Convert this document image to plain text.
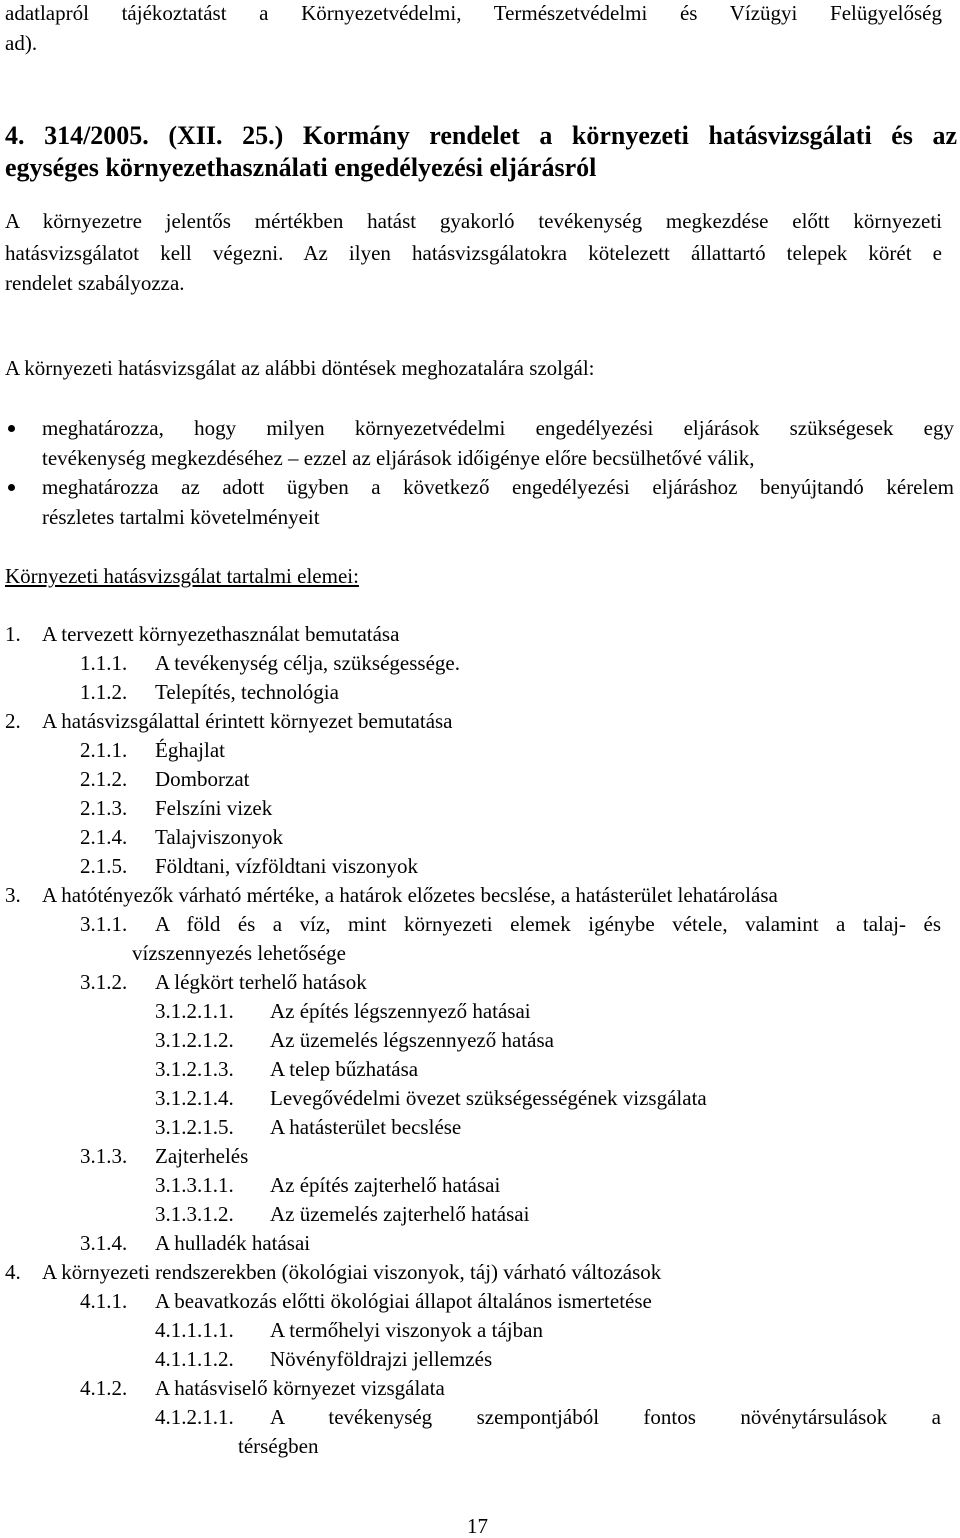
adatlapról tájékoztatást a Környezetvédelmi, Természetvédelmi és Vízügyi Felügyelőség
ad).
4. 314/2005. (XII. 25.) Kormány rendelet a környezeti hatásvizsgálati és az
egységes környezethasználati engedélyezési eljárásról
A környezetre jelentős mértékben hatást gyakorló tevékenység megkezdése előtt környezeti
hatásvizsgálatot kell végezni. Az ilyen hatásvizsgálatokra kötelezett állattartó telepek körét e
rendelet szabályozza.
A környezeti hatásvizsgálat az alábbi döntések meghozatalára szolgál:
meghatározza, hogy milyen környezetvédelmi engedélyezési eljárások szükségesek egy
tevékenység megkezdéséhez – ezzel az eljárások időigénye előre becsülhetővé válik,
meghatározza az adott ügyben a következő engedélyezési eljáráshoz benyújtandó kérelem
részletes tartalmi követelményeit
Környezeti hatásvizsgálat tartalmi elemei:
1. A tervezett környezethasználat bemutatása
1.1.1. A tevékenység célja, szükségessége.
1.1.2. Telepítés, technológia
2. A hatásvizsgálattal érintett környezet bemutatása
2.1.1. Éghajlat
2.1.2. Domborzat
2.1.3. Felszíni vizek
2.1.4. Talajviszonyok
2.1.5. Földtani, vízföldtani viszonyok
3. A hatótényezők várható mértéke, a határok előzetes becslése, a hatásterület lehatárolása
3.1.1. A föld és a víz, mint környezeti elemek igénybe vétele, valamint a talaj- és
vízszennyezés lehetősége
3.1.2. A légkört terhelő hatások
3.1.2.1.1. Az építés légszennyező hatásai
3.1.2.1.2. Az üzemelés légszennyező hatása
3.1.2.1.3. A telep bűzhatása
3.1.2.1.4. Levegővédelmi övezet szükségességének vizsgálata
3.1.2.1.5. A hatásterület becslése
3.1.3. Zajterhelés
3.1.3.1.1. Az építés zajterhelő hatásai
3.1.3.1.2. Az üzemelés zajterhelő hatásai
3.1.4. A hulladék hatásai
4. A környezeti rendszerekben (ökológiai viszonyok, táj) várható változások
4.1.1. A beavatkozás előtti ökológiai állapot általános ismertetése
4.1.1.1.1. A termőhelyi viszonyok a tájban
4.1.1.1.2. Növényföldrajzi jellemzés
4.1.2. A hatásviselő környezet vizsgálata
4.1.2.1.1. A tevékenység szempontjából fontos növénytársulások a
térségben
17
